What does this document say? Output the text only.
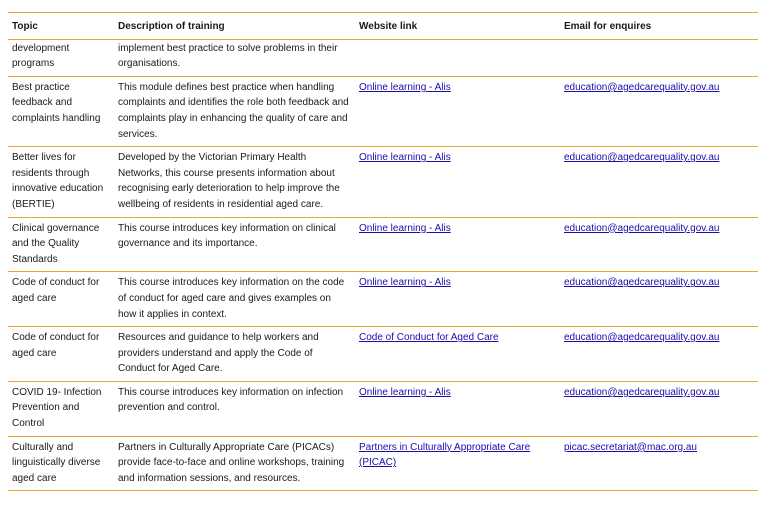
Topic	Description of training	Website link	Email for enquires
development programs	implement best practice to solve problems in their organisations.		
Best practice feedback and complaints handling	This module defines best practice when handling complaints and identifies the role both feedback and complaints play in enhancing the quality of care and services.	Online learning - Alis	education@agedcarequality.gov.au
Better lives for residents through innovative education (BERTIE)	Developed by the Victorian Primary Health Networks, this course presents information about recognising early deterioration to help improve the wellbeing of residents in residential aged care.	Online learning - Alis	education@agedcarequality.gov.au
Clinical governance and the Quality Standards	This course introduces key information on clinical governance and its importance.	Online learning - Alis	education@agedcarequality.gov.au
Code of conduct for aged care	This course introduces key information on the code of conduct for aged care and gives examples on how it applies in context.	Online learning - Alis	education@agedcarequality.gov.au
Code of conduct for aged care	Resources and guidance to help workers and providers understand and apply the Code of Conduct for Aged Care.	Code of Conduct for Aged Care	education@agedcarequality.gov.au
COVID 19- Infection Prevention and Control	This course introduces key information on infection prevention and control.	Online learning - Alis	education@agedcarequality.gov.au
Culturally and linguistically diverse aged care	Partners in Culturally Appropriate Care (PICACs) provide face-to-face and online workshops, training and information sessions, and resources.	Partners in Culturally Appropriate Care (PICAC)	picac.secretariat@mac.org.au
